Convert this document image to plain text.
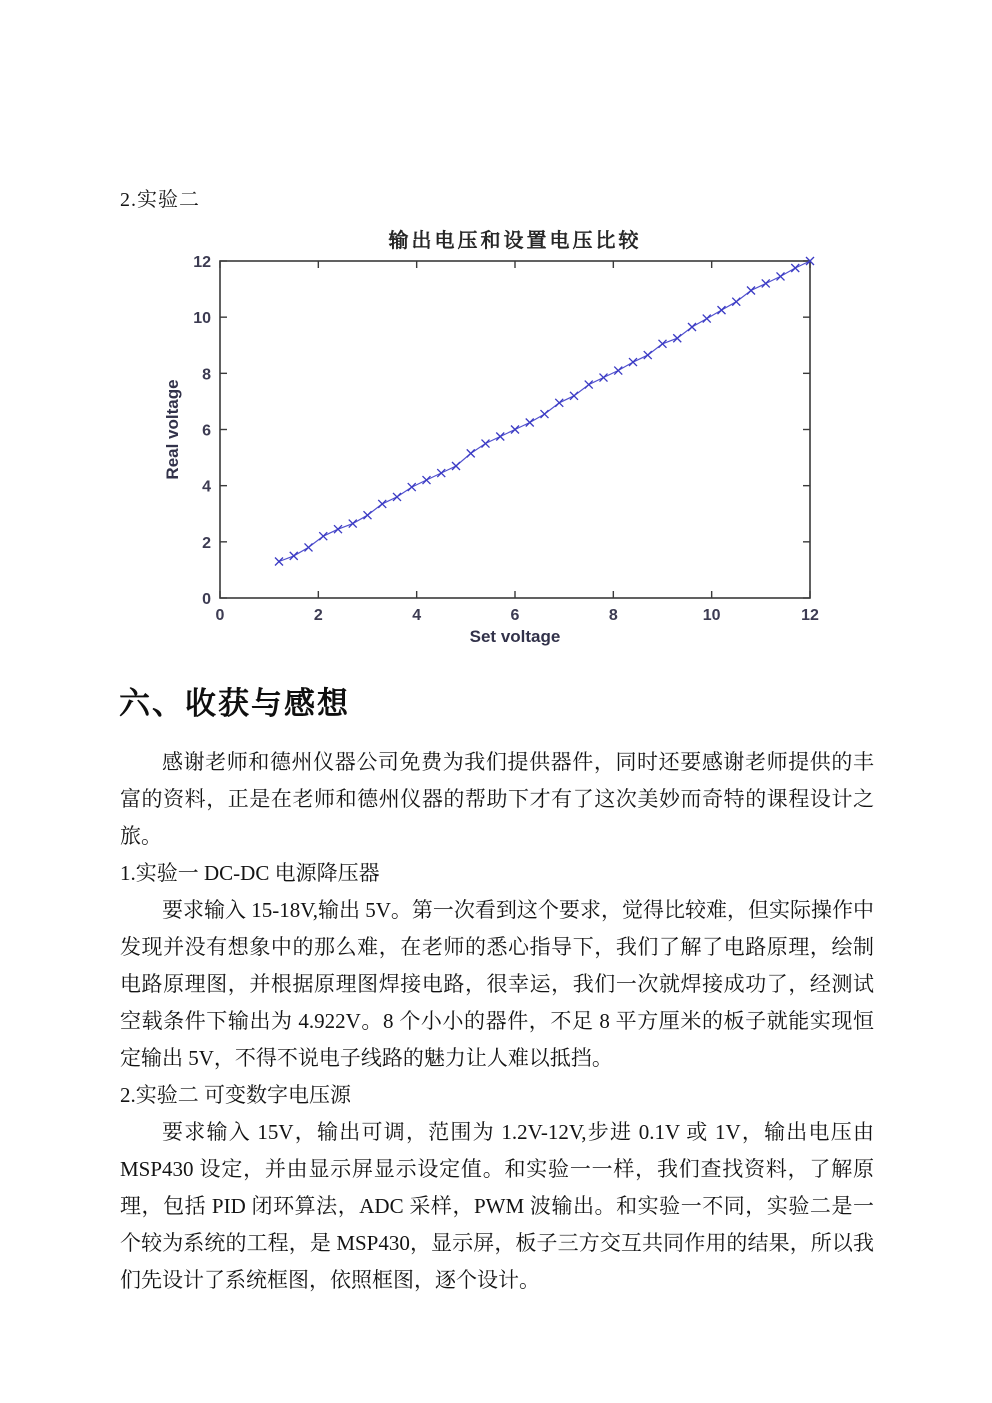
2.实验二
0	2	4	6	8	10	12
0
2
4
6
8
10
12
输出电压和设置电压比较
Set voltage
Real voltage
六、收获与感想

感谢老师和德州仪器公司免费为我们提供器件，同时还要感谢老师提供的丰富的资料，正是在老师和德州仪器的帮助下才有了这次美妙而奇特的课程设计之旅。

1.实验一 DC-DC 电源降压器

要求输入 15-18V,输出 5V。第一次看到这个要求，觉得比较难，但实际操作中发现并没有想象中的那么难，在老师的悉心指导下，我们了解了电路原理，绘制电路原理图，并根据原理图焊接电路，很幸运，我们一次就焊接成功了，经测试空载条件下输出为 4.922V。8 个小小的器件，不足 8 平方厘米的板子就能实现恒定输出 5V，不得不说电子线路的魅力让人难以抵挡。

2.实验二 可变数字电压源

要求输入 15V，输出可调，范围为 1.2V-12V,步进 0.1V 或 1V，输出电压由 MSP430 设定，并由显示屏显示设定值。和实验一一样，我们查找资料，了解原理，包括 PID 闭环算法，ADC 采样，PWM 波输出。和实验一不同，实验二是一个较为系统的工程，是 MSP430，显示屏，板子三方交互共同作用的结果，所以我们先设计了系统框图，依照框图，逐个设计。
